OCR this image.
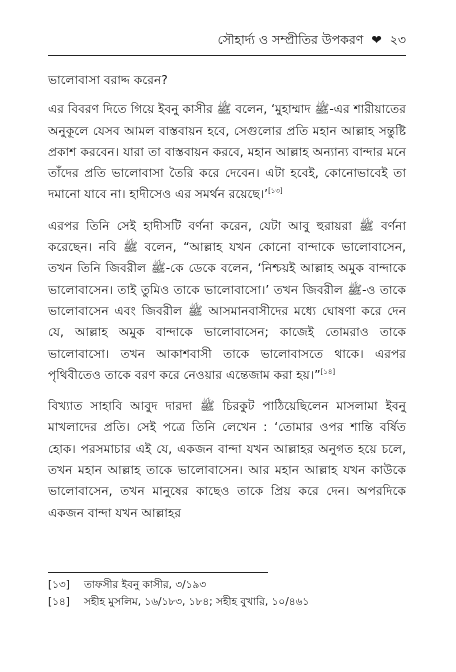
সৌহার্দ্য ও সম্প্রীতির উপকরণ ❤ ২৩

ভালোবাসা বরাদ্দ করেন?

এর বিবরণ দিতে গিয়ে ইবনু কাসীর ﷺ বলেন, ‘মুহাম্মাদ ﷺ-এর শারীয়াতের অনুকূলে যেসব আমল বাস্তবায়ন হবে, সেগুলোর প্রতি মহান আল্লাহ সন্তুষ্টি প্রকাশ করবেন। যারা তা বাস্তবায়ন করবে, মহান আল্লাহ অন্যান্য বান্দার মনে তাঁদের প্রতি ভালোবাসা তৈরি করে দেবেন। এটা হবেই, কোনোভাবেই তা দমানো যাবে না। হাদীসেও এর সমর্থন রয়েছে।’[১৩]

এরপর তিনি সেই হাদীসটি বর্ণনা করেন, যেটা আবু হুরায়রা ﷺ বর্ণনা করেছেন। নবি ﷺ বলেন, “আল্লাহ যখন কোনো বান্দাকে ভালোবাসেন, তখন তিনি জিবরীল ﷺ-কে ডেকে বলেন, ‘নিশ্চয়ই আল্লাহ অমুক বান্দাকে ভালোবাসেন। তাই তুমিও তাকে ভালোবাসো।’ তখন জিবরীল ﷺ-ও তাকে ভালোবাসেন এবং জিবরীল ﷺ আসমানবাসীদের মধ্যে ঘোষণা করে দেন যে, আল্লাহ অমুক বান্দাকে ভালোবাসেন; কাজেই তোমরাও তাকে ভালোবাসো। তখন আকাশবাসী তাকে ভালোবাসতে থাকে। এরপর পৃথিবীতেও তাকে বরণ করে নেওয়ার এন্তেজাম করা হয়।”[১৪]

বিখ্যাত সাহাবি আবুদ দারদা ﷺ চিরকুট পাঠিয়েছিলেন মাসলামা ইবনু মাখলাদের প্রতি। সেই পত্রে তিনি লেখেন : ‘তোমার ওপর শান্তি বর্ষিত হোক। পরসমাচার এই যে, একজন বান্দা যখন আল্লাহর অনুগত হয়ে চলে, তখন মহান আল্লাহ তাকে ভালোবাসেন। আর মহান আল্লাহ যখন কাউকে ভালোবাসেন, তখন মানুষের কাছেও তাকে প্রিয় করে দেন। অপরদিকে একজন বান্দা যখন আল্লাহর

[১৩]	তাফসীর ইবনু কাসীর, ৩/১৯৩
[১৪]	সহীহ মুসলিম, ১৬/১৮৩, ১৮৪; সহীহ বুখারি, ১০/৪৬১
